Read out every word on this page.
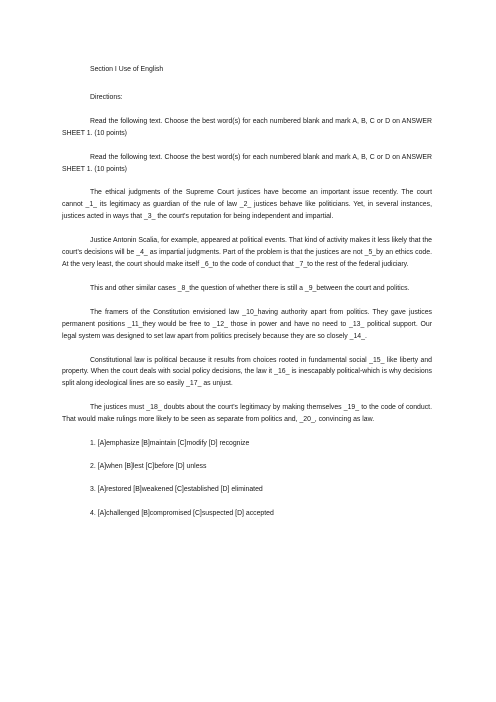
Section I Use of English
Directions:
Read the following text. Choose the best word(s) for each numbered blank and mark A, B, C or D on ANSWER SHEET 1. (10 points)
Read the following text. Choose the best word(s) for each numbered blank and mark A, B, C or D on ANSWER SHEET 1. (10 points)
The ethical judgments of the Supreme Court justices have become an important issue recently. The court cannot _1_ its legitimacy as guardian of the rule of law _2_ justices behave like politicians. Yet, in several instances, justices acted in ways that _3_ the court's reputation for being independent and impartial.
Justice Antonin Scalia, for example, appeared at political events. That kind of activity makes it less likely that the court’s decisions will be _4_ as impartial judgments. Part of the problem is that the justices are not _5_by an ethics code. At the very least, the court should make itself _6_to the code of conduct that _7_to the rest of the federal judiciary.
This and other similar cases _8_the question of whether there is still a _9_between the court and politics.
The framers of the Constitution envisioned law _10_having authority apart from politics. They gave justices permanent positions _11_they would be free to _12_ those in power and have no need to _13_ political support. Our legal system was designed to set law apart from politics precisely because they are so closely _14_.
Constitutional law is political because it results from choices rooted in fundamental social _15_ like liberty and property. When the court deals with social policy decisions, the law it _16_ is inescapably political-which is why decisions split along ideological lines are so easily _17_ as unjust.
The justices must _18_ doubts about the court’s legitimacy by making themselves _19_ to the code of conduct. That would make rulings more likely to be seen as separate from politics and, _20_, convincing as law.
1. [A]emphasize [B]maintain [C]modify [D] recognize
2. [A]when [B]lest [C]before [D] unless
3. [A]restored [B]weakened [C]established [D] eliminated
4. [A]challenged [B]compromised [C]suspected [D] accepted
